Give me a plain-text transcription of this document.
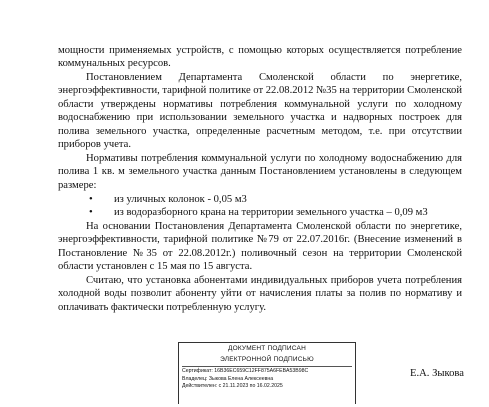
мощности применяемых устройств, с помощью которых осуществляется потребление коммунальных ресурсов.

Постановлением Департамента Смоленской области по энергетике, энергоэффективности, тарифной политике от 22.08.2012 №35 на территории Смоленской области утверждены нормативы потребления коммунальной услуги по холодному водоснабжению при использовании земельного участка и надворных построек для полива земельного участка, определенные расчетным методом, т.е. при отсутствии приборов учета.

Нормативы потребления коммунальной услуги по холодному водоснабжению для полива 1 кв. м земельного участка данным Постановлением установлены в следующем размере:

• из уличных колонок - 0,05 м3
• из водоразборного крана на территории земельного участка – 0,09 м3

На основании Постановления Департамента Смоленской области по энергетике, энергоэффективности, тарифной политике №79 от 22.07.2016г. (Внесение изменений в Постановление №35 от 22.08.2012г.) поливочный сезон на территории Смоленской области установлен с 15 мая по 15 августа.

Считаю, что установка абонентами индивидуальных приборов учета потребления холодной воды позволит абоненту уйти от начисления платы за полив по нормативу и оплачивать фактически потребленную услугу.

ДОКУМЕНТ ПОДПИСАН
ЭЛЕКТРОННОЙ ПОДПИСЬЮ
Сертификат: 16B36EC659C12FF875A6FEBA53B98C
Владелец: Зыкова Елена Алексеевна
Действителен: с 21.11.2023 по 16.02.2025
Е.А. Зыкова
